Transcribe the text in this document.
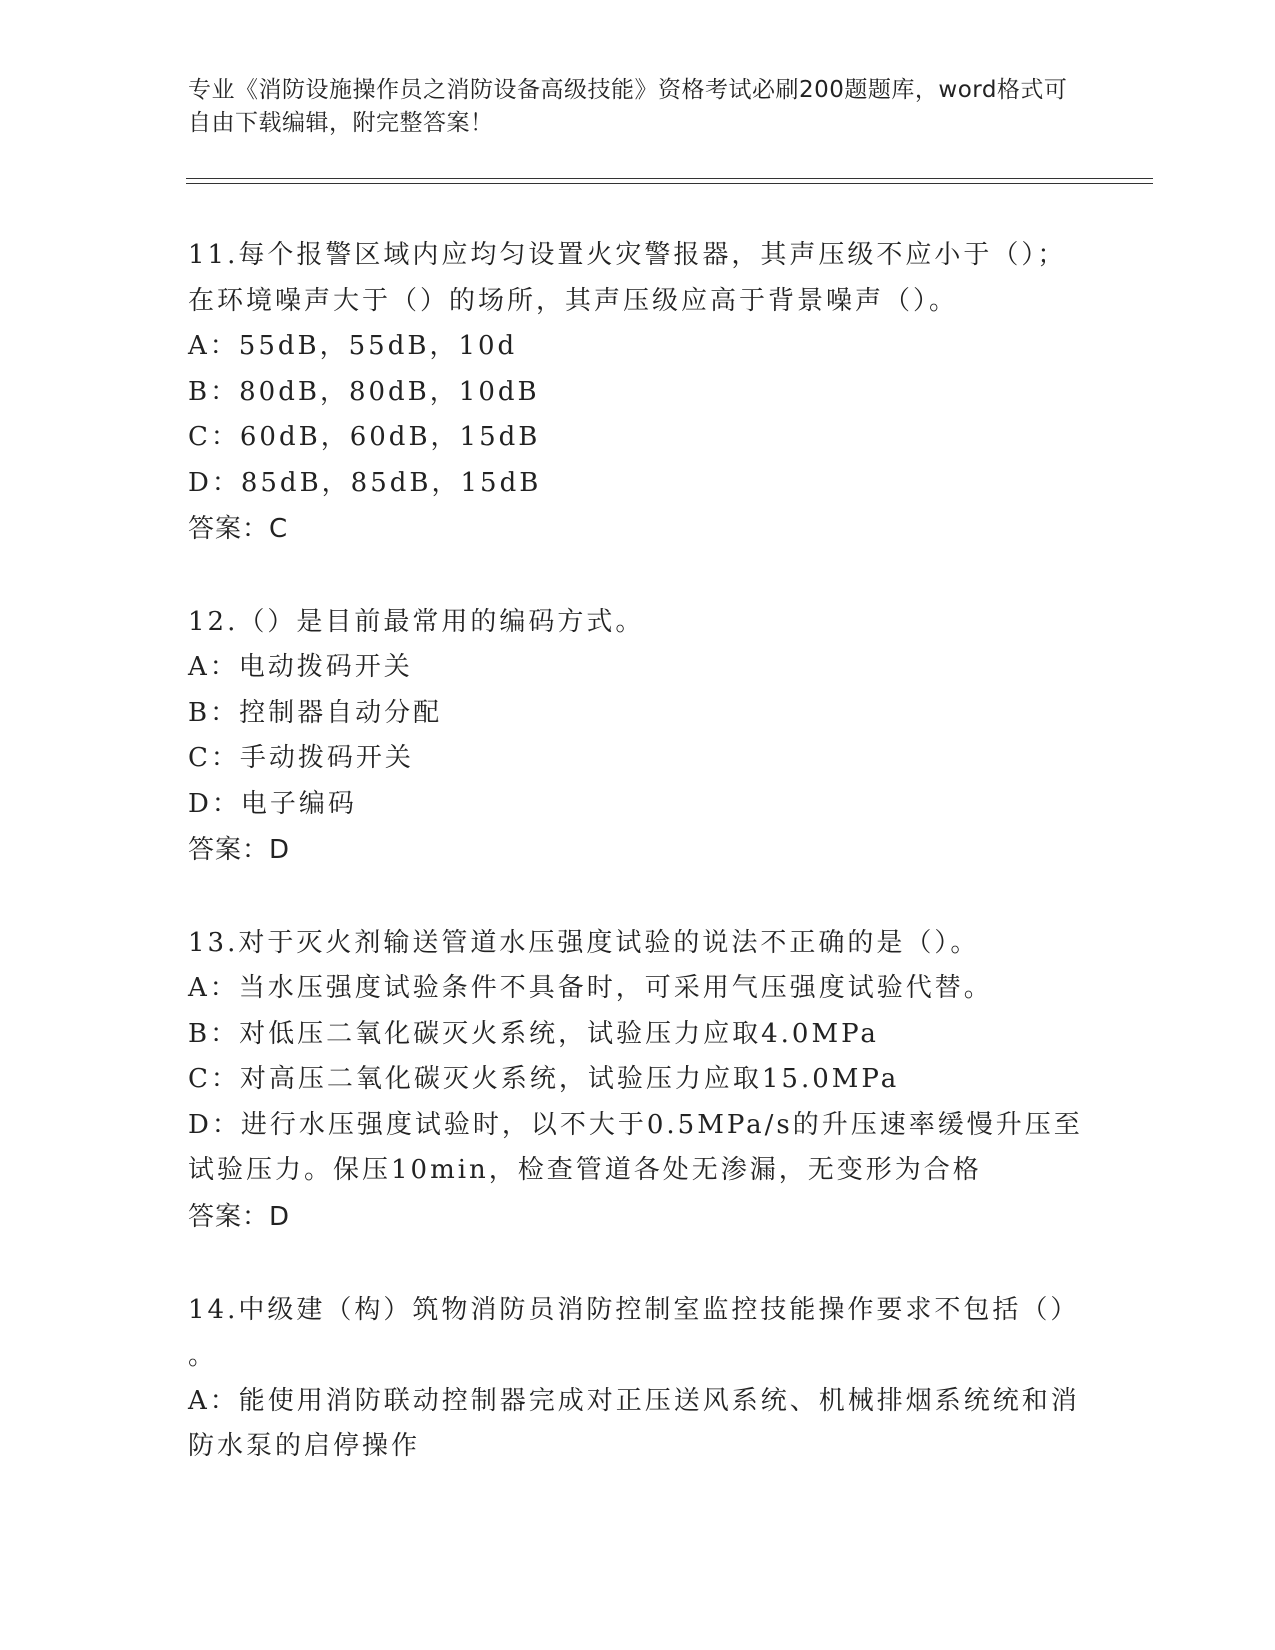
专业《消防设施操作员之消防设备高级技能》资格考试必刷200题题库，word格式可自由下载编辑，附完整答案！
11.每个报警区域内应均匀设置火灾警报器，其声压级不应小于（）；
在环境噪声大于（）的场所，其声压级应高于背景噪声（）。
A：55dB，55dB，10d
B：80dB，80dB，10dB
C：60dB，60dB，15dB
D：85dB，85dB，15dB
答案：C
12.（）是目前最常用的编码方式。
A：电动拨码开关
B：控制器自动分配
C：手动拨码开关
D：电子编码
答案：D
13.对于灭火剂输送管道水压强度试验的说法不正确的是（）。
A：当水压强度试验条件不具备时，可采用气压强度试验代替。
B：对低压二氧化碳灭火系统，试验压力应取4.0MPa
C：对高压二氧化碳灭火系统，试验压力应取15.0MPa
D：进行水压强度试验时，以不大于0.5MPa/s的升压速率缓慢升压至
试验压力。保压10min，检查管道各处无渗漏，无变形为合格
答案：D
14.中级建（构）筑物消防员消防控制室监控技能操作要求不包括（）
。
A：能使用消防联动控制器完成对正压送风系统、机械排烟系统统和消
防水泵的启停操作
